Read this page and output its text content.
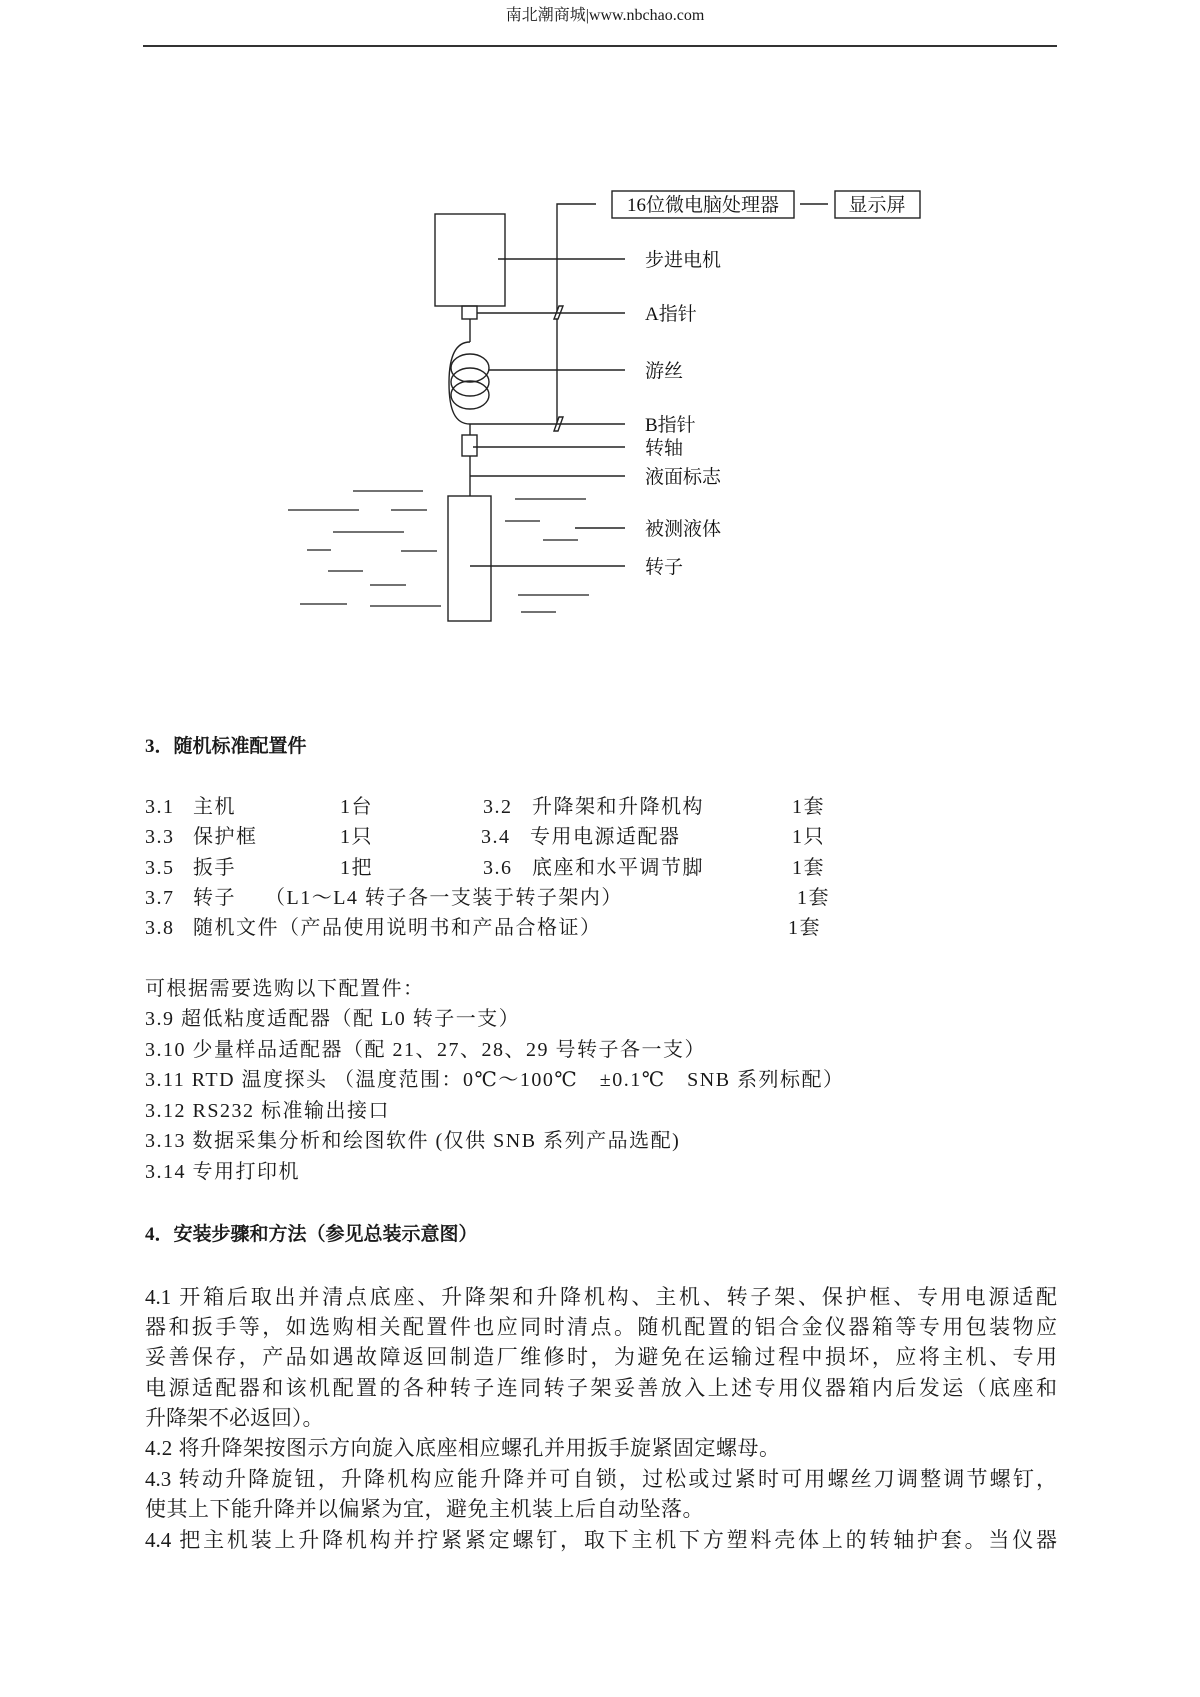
南北潮商城|www.nbchao.com
16位微电脑处理器	显示屏
步进电机
A指针
游丝
B指针
转轴
液面标志
被测液体
转子
3．随机标准配置件
3.1 主机	1台	3.2 升降架和升降机构	1套
3.3 保护框	1只	3.4 专用电源适配器	1只
3.5 扳手	1把	3.6 底座和水平调节脚	1套
3.7 转子 （L1～L4 转子各一支装于转子架内）	1套
3.8 随机文件（产品使用说明书和产品合格证）	1套
可根据需要选购以下配置件：
3.9 超低粘度适配器（配 L0 转子一支）
3.10 少量样品适配器（配 21、27、28、29 号转子各一支）
3.11 RTD 温度探头 （温度范围：0℃～100℃　±0.1℃　SNB 系列标配）
3.12 RS232 标准输出接口
3.13 数据采集分析和绘图软件 (仅供 SNB 系列产品选配)
3.14 专用打印机
4．安装步骤和方法（参见总装示意图）
4.1 开箱后取出并清点底座、升降架和升降机构、主机、转子架、保护框、专用电源适配
器和扳手等，如选购相关配置件也应同时清点。随机配置的铝合金仪器箱等专用包装物应
妥善保存，产品如遇故障返回制造厂维修时，为避免在运输过程中损坏，应将主机、专用
电源适配器和该机配置的各种转子连同转子架妥善放入上述专用仪器箱内后发运（底座和
升降架不必返回）。
4.2 将升降架按图示方向旋入底座相应螺孔并用扳手旋紧固定螺母。
4.3 转动升降旋钮，升降机构应能升降并可自锁，过松或过紧时可用螺丝刀调整调节螺钉，
使其上下能升降并以偏紧为宜，避免主机装上后自动坠落。
4.4 把主机装上升降机构并拧紧紧定螺钉，取下主机下方塑料壳体上的转轴护套。当仪器
